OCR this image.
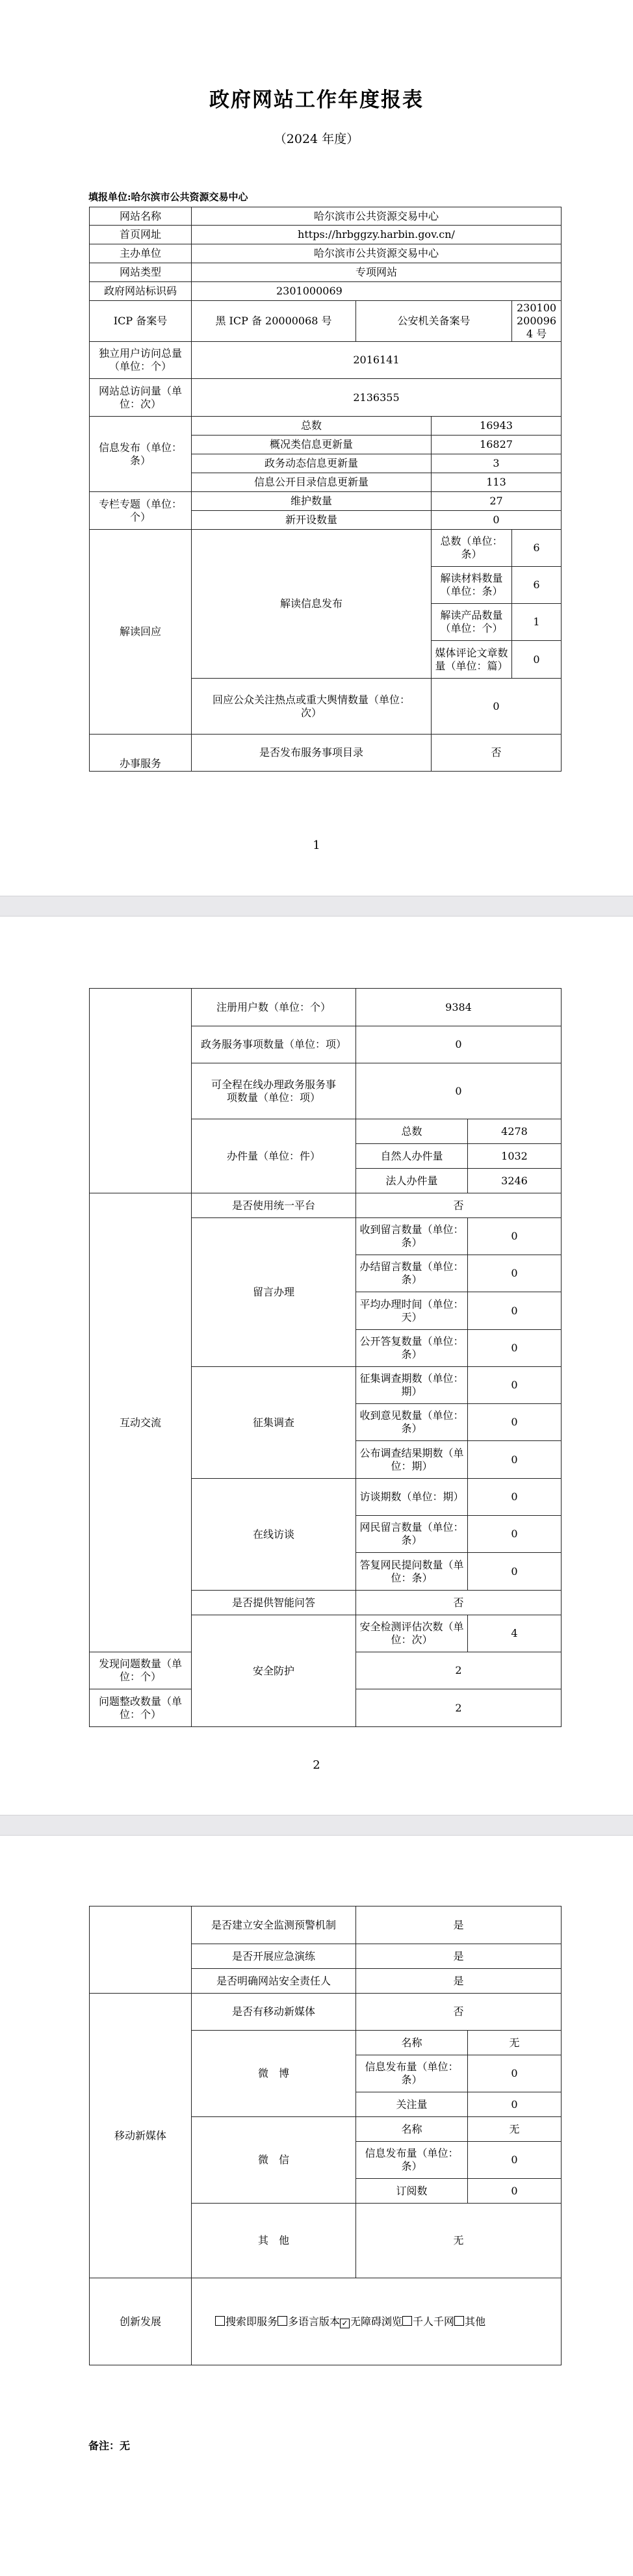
政府网站工作年度报表
（2024 年度）
填报单位:哈尔滨市公共资源交易中心
网站名称	哈尔滨市公共资源交易中心			
首页网址	https://hrbggzy.harbin.gov.cn/			
主办单位	哈尔滨市公共资源交易中心			
网站类型	专项网站			
政府网站标识码	2301000069			
ICP 备案号	黑 ICP 备 20000068 号	公安机关备案号		2301002000964 号
独立用户访问总量（单位：个）	2016141			
网站总访问量（单位：次）	2136355			
信息发布（单位：条）	总数		16943	
	概况类信息更新量		16827	
	政务动态信息更新量		3	
	信息公开目录信息更新量		113	
专栏专题（单位：个）	维护数量		27	
	新开设数量		0	
解读回应	解读信息发布		总数（单位：条）	6
			解读材料数量（单位：条）	6
			解读产品数量（单位：个）	1
			媒体评论文章数量（单位：篇）	0
	回应公众关注热点或重大舆情数量（单位：次）		0	
办事服务	是否发布服务事项目录		否	
1
	注册用户数（单位：个）	9384	
	政务服务事项数量（单位：项）	0	
	可全程在线办理政务服务事项数量（单位：项）	0	
	办件量（单位：件）	总数	4278
		自然人办件量	1032
		法人办件量	3246
互动交流	是否使用统一平台	否	
	留言办理	收到留言数量（单位：条）	0
		办结留言数量（单位：条）	0
		平均办理时间（单位：天）	0
		公开答复数量（单位：条）	0
	征集调查	征集调查期数（单位：期）	0
		收到意见数量（单位：条）	0
		公布调查结果期数（单位：期）	0
	在线访谈	访谈期数（单位：期）	0
		网民留言数量（单位：条）	0
		答复网民提问数量（单位：条）	0
	是否提供智能问答	否	
	安全防护	安全检测评估次数（单位：次）	4
发现问题数量（单位：个）		2	
问题整改数量（单位：个）		2	
2
	是否建立安全监测预警机制	是	
	是否开展应急演练	是	
	是否明确网站安全责任人	是	
移动新媒体	是否有移动新媒体	否	
	微　博	名称	无
		信息发布量（单位：条）	0
		关注量	0
	微　信	名称	无
		信息发布量（单位：条）	0
		订阅数	0
	其　他	无	
创新发展	搜索即服务 多语言版本 ✓ 无障碍浏览 千人千网 其他		
备注：无
